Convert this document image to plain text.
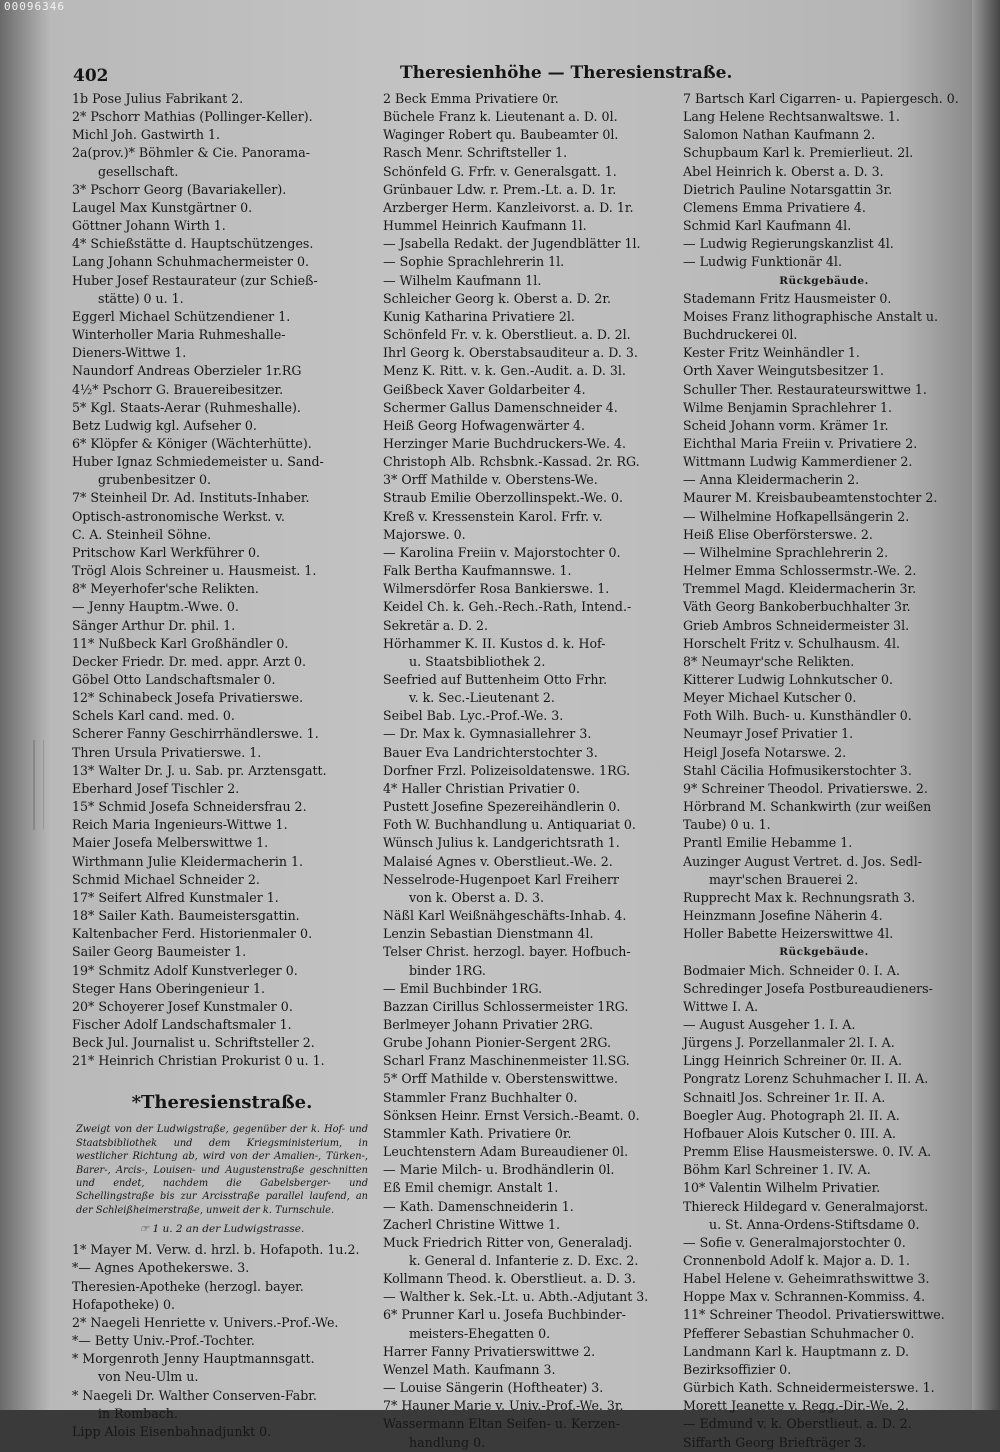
00096346
402	Theresienhöhe — Theresienstraße.
1b Pose Julius Fabrikant 2.
2* Pschorr Mathias (Pollinger-Keller).
Michl Joh. Gastwirth 1.
2a(prov.)* Böhmler & Cie. Panorama-
gesellschaft.
3* Pschorr Georg (Bavariakeller).
Laugel Max Kunstgärtner 0.
Göttner Johann Wirth 1.
4* Schießstätte d. Hauptschützenges.
Lang Johann Schuhmachermeister 0.
Huber Josef Restaurateur (zur Schieß-
stätte) 0 u. 1.
Eggerl Michael Schützendiener 1.
Winterholler Maria Ruhmeshalle-
Dieners-Wittwe 1.
Naundorf Andreas Oberzieler 1r.RG
4½* Pschorr G. Brauereibesitzer.
5* Kgl. Staats-Aerar (Ruhmeshalle).
Betz Ludwig kgl. Aufseher 0.
6* Klöpfer & Königer (Wächterhütte).
Huber Ignaz Schmiedemeister u. Sand-
grubenbesitzer 0.
7* Steinheil Dr. Ad. Instituts-Inhaber.
Optisch-astronomische Werkst. v.
C. A. Steinheil Söhne.
Pritschow Karl Werkführer 0.
Trögl Alois Schreiner u. Hausmeist. 1.
8* Meyerhofer'sche Relikten.
— Jenny Hauptm.-Wwe. 0.
Sänger Arthur Dr. phil. 1.
11* Nußbeck Karl Großhändler 0.
Decker Friedr. Dr. med. appr. Arzt 0.
Göbel Otto Landschaftsmaler 0.
12* Schinabeck Josefa Privatierswe.
Schels Karl cand. med. 0.
Scherer Fanny Geschirrhändlerswe. 1.
Thren Ursula Privatierswe. 1.
13* Walter Dr. J. u. Sab. pr. Arztensgatt.
Eberhard Josef Tischler 2.
15* Schmid Josefa Schneidersfrau 2.
Reich Maria Ingenieurs-Wittwe 1.
Maier Josefa Melberswittwe 1.
Wirthmann Julie Kleidermacherin 1.
Schmid Michael Schneider 2.
17* Seifert Alfred Kunstmaler 1.
18* Sailer Kath. Baumeistersgattin.
Kaltenbacher Ferd. Historienmaler 0.
Sailer Georg Baumeister 1.
19* Schmitz Adolf Kunstverleger 0.
Steger Hans Oberingenieur 1.
20* Schoyerer Josef Kunstmaler 0.
Fischer Adolf Landschaftsmaler 1.
Beck Jul. Journalist u. Schriftsteller 2.
21* Heinrich Christian Prokurist 0 u. 1.
*Theresienstraße.
Zweigt von der Ludwigstraße, gegenüber der k. Hof- und Staatsbibliothek und dem Kriegsministerium, in westlicher Richtung ab, wird von der Amalien-, Türken-, Barer-, Arcis-, Louisen- und Augustenstraße geschnitten und endet, nachdem die Gabelsberger- und Schellingstraße bis zur Arcisstraße parallel laufend, an der Schleißheimerstraße, unweit der k. Turnschule.
☞ 1 u. 2 an der Ludwigstrasse.
1* Mayer M. Verw. d. hrzl. b. Hofapoth. 1u.2.
*— Agnes Apothekerswe. 3.
Theresien-Apotheke (herzogl. bayer.
Hofapotheke) 0.
2* Naegeli Henriette v. Univers.-Prof.-We.
*— Betty Univ.-Prof.-Tochter.
* Morgenroth Jenny Hauptmannsgatt.
von Neu-Ulm u.
* Naegeli Dr. Walther Conserven-Fabr.
in Rombach.
Lipp Alois Eisenbahnadjunkt 0.
2 Beck Emma Privatiere 0r.
Büchele Franz k. Lieutenant a. D. 0l.
Waginger Robert qu. Baubeamter 0l.
Rasch Menr. Schriftsteller 1.
Schönfeld G. Frfr. v. Generalsgatt. 1.
Grünbauer Ldw. r. Prem.-Lt. a. D. 1r.
Arzberger Herm. Kanzleivorst. a. D. 1r.
Hummel Heinrich Kaufmann 1l.
— Jsabella Redakt. der Jugendblätter 1l.
— Sophie Sprachlehrerin 1l.
— Wilhelm Kaufmann 1l.
Schleicher Georg k. Oberst a. D. 2r.
Kunig Katharina Privatiere 2l.
Schönfeld Fr. v. k. Oberstlieut. a. D. 2l.
Ihrl Georg k. Oberstabsauditeur a. D. 3.
Menz K. Ritt. v. k. Gen.-Audit. a. D. 3l.
Geißbeck Xaver Goldarbeiter 4.
Schermer Gallus Damenschneider 4.
Heiß Georg Hofwagenwärter 4.
Herzinger Marie Buchdruckers-We. 4.
Christoph Alb. Rchsbnk.-Kassad. 2r. RG.
3* Orff Mathilde v. Oberstens-We.
Straub Emilie Oberzollinspekt.-We. 0.
Kreß v. Kressenstein Karol. Frfr. v.
Majorswe. 0.
— Karolina Freiin v. Majorstochter 0.
Falk Bertha Kaufmannswe. 1.
Wilmersdörfer Rosa Bankierswe. 1.
Keidel Ch. k. Geh.-Rech.-Rath, Intend.-
Sekretär a. D. 2.
Hörhammer K. II. Kustos d. k. Hof-
u. Staatsbibliothek 2.
Seefried auf Buttenheim Otto Frhr.
v. k. Sec.-Lieutenant 2.
Seibel Bab. Lyc.-Prof.-We. 3.
— Dr. Max k. Gymnasiallehrer 3.
Bauer Eva Landrichterstochter 3.
Dorfner Frzl. Polizeisoldatenswe. 1RG.
4* Haller Christian Privatier 0.
Pustett Josefine Spezereihändlerin 0.
Foth W. Buchhandlung u. Antiquariat 0.
Wünsch Julius k. Landgerichtsrath 1.
Malaisé Agnes v. Oberstlieut.-We. 2.
Nesselrode-Hugenpoet Karl Freiherr
von k. Oberst a. D. 3.
Näßl Karl Weißnähgeschäfts-Inhab. 4.
Lenzin Sebastian Dienstmann 4l.
Telser Christ. herzogl. bayer. Hofbuch-
binder 1RG.
— Emil Buchbinder 1RG.
Bazzan Cirillus Schlossermeister 1RG.
Berlmeyer Johann Privatier 2RG.
Grube Johann Pionier-Sergent 2RG.
Scharl Franz Maschinenmeister 1l.SG.
5* Orff Mathilde v. Oberstenswittwe.
Stammler Franz Buchhalter 0.
Sönksen Heinr. Ernst Versich.-Beamt. 0.
Stammler Kath. Privatiere 0r.
Leuchtenstern Adam Bureaudiener 0l.
— Marie Milch- u. Brodhändlerin 0l.
Eß Emil chemigr. Anstalt 1.
— Kath. Damenschneiderin 1.
Zacherl Christine Wittwe 1.
Muck Friedrich Ritter von, Generaladj.
k. General d. Infanterie z. D. Exc. 2.
Kollmann Theod. k. Oberstlieut. a. D. 3.
— Walther k. Sek.-Lt. u. Abth.-Adjutant 3.
6* Prunner Karl u. Josefa Buchbinder-
meisters-Ehegatten 0.
Harrer Fanny Privatierswittwe 2.
Wenzel Math. Kaufmann 3.
— Louise Sängerin (Hoftheater) 3.
7* Hauner Marie v. Univ.-Prof.-We. 3r.
Wassermann Eltan Seifen- u. Kerzen-
handlung 0.
7 Bartsch Karl Cigarren- u. Papiergesch. 0.
Lang Helene Rechtsanwaltswe. 1.
Salomon Nathan Kaufmann 2.
Schupbaum Karl k. Premierlieut. 2l.
Abel Heinrich k. Oberst a. D. 3.
Dietrich Pauline Notarsgattin 3r.
Clemens Emma Privatiere 4.
Schmid Karl Kaufmann 4l.
— Ludwig Regierungskanzlist 4l.
— Ludwig Funktionär 4l.
Rückgebäude.
Stademann Fritz Hausmeister 0.
Moises Franz lithographische Anstalt u.
Buchdruckerei 0l.
Kester Fritz Weinhändler 1.
Orth Xaver Weingutsbesitzer 1.
Schuller Ther. Restaurateurswittwe 1.
Wilme Benjamin Sprachlehrer 1.
Scheid Johann vorm. Krämer 1r.
Eichthal Maria Freiin v. Privatiere 2.
Wittmann Ludwig Kammerdiener 2.
— Anna Kleidermacherin 2.
Maurer M. Kreisbaubeamtenstochter 2.
— Wilhelmine Hofkapellsängerin 2.
Heiß Elise Oberförsterswe. 2.
— Wilhelmine Sprachlehrerin 2.
Helmer Emma Schlossermstr.-We. 2.
Tremmel Magd. Kleidermacherin 3r.
Väth Georg Bankoberbuchhalter 3r.
Grieb Ambros Schneidermeister 3l.
Horschelt Fritz v. Schulhausm. 4l.
8* Neumayr'sche Relikten.
Kitterer Ludwig Lohnkutscher 0.
Meyer Michael Kutscher 0.
Foth Wilh. Buch- u. Kunsthändler 0.
Neumayr Josef Privatier 1.
Heigl Josefa Notarswe. 2.
Stahl Cäcilia Hofmusikerstochter 3.
9* Schreiner Theodol. Privatierswe. 2.
Hörbrand M. Schankwirth (zur weißen
Taube) 0 u. 1.
Prantl Emilie Hebamme 1.
Auzinger August Vertret. d. Jos. Sedl-
mayr'schen Brauerei 2.
Rupprecht Max k. Rechnungsrath 3.
Heinzmann Josefine Näherin 4.
Holler Babette Heizerswittwe 4l.
Rückgebäude.
Bodmaier Mich. Schneider 0. I. A.
Schredinger Josefa Postbureaudieners-
Wittwe I. A.
— August Ausgeher 1. I. A.
Jürgens J. Porzellanmaler 2l. I. A.
Lingg Heinrich Schreiner 0r. II. A.
Pongratz Lorenz Schuhmacher I. II. A.
Schnaitl Jos. Schreiner 1r. II. A.
Boegler Aug. Photograph 2l. II. A.
Hofbauer Alois Kutscher 0. III. A.
Premm Elise Hausmeisterswe. 0. IV. A.
Böhm Karl Schreiner 1. IV. A.
10* Valentin Wilhelm Privatier.
Thiereck Hildegard v. Generalmajorst.
u. St. Anna-Ordens-Stiftsdame 0.
— Sofie v. Generalmajorstochter 0.
Cronnenbold Adolf k. Major a. D. 1.
Habel Helene v. Geheimrathswittwe 3.
Hoppe Max v. Schrannen-Kommiss. 4.
11* Schreiner Theodol. Privatierswittwe.
Pfefferer Sebastian Schuhmacher 0.
Landmann Karl k. Hauptmann z. D.
Bezirksoffizier 0.
Gürbich Kath. Schneidermeisterswe. 1.
Morett Jeanette v. Regg.-Dir.-We. 2.
— Edmund v. k. Oberstlieut. a. D. 2.
Siffarth Georg Briefträger 3.
